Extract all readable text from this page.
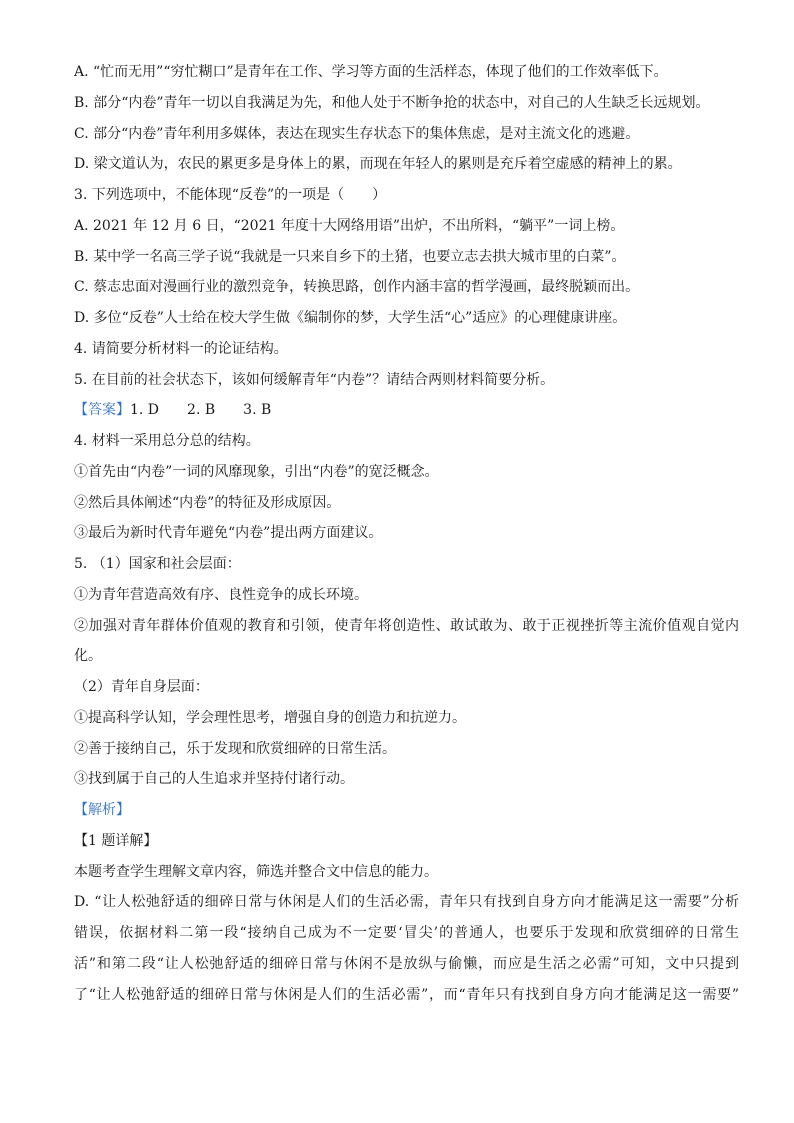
A. “忙而无用”“穷忙糊口”是青年在工作、学习等方面的生活样态，体现了他们的工作效率低下。
B. 部分“内卷”青年一切以自我满足为先，和他人处于不断争抢的状态中，对自己的人生缺乏长远规划。
C. 部分“内卷”青年利用多媒体，表达在现实生存状态下的集体焦虑，是对主流文化的逃避。
D. 梁文道认为，农民的累更多是身体上的累，而现在年轻人的累则是充斥着空虚感的精神上的累。
3. 下列选项中，不能体现“反卷”的一项是（　　）
A. 2021 年 12 月 6 日，“2021 年度十大网络用语”出炉，不出所料，“躺平”一词上榜。
B. 某中学一名高三学子说“我就是一只来自乡下的土猪，也要立志去拱大城市里的白菜”。
C. 蔡志忠面对漫画行业的激烈竞争，转换思路，创作内涵丰富的哲学漫画，最终脱颖而出。
D. 多位“反卷”人士给在校大学生做《编制你的梦，大学生活“心”适应》的心理健康讲座。
4. 请简要分析材料一的论证结构。
5. 在目前的社会状态下，该如何缓解青年“内卷”？请结合两则材料简要分析。
【答案】1. D 2. B 3. B
4. 材料一采用总分总的结构。
①首先由“内卷”一词的风靡现象，引出“内卷”的宽泛概念。
②然后具体阐述“内卷”的特征及形成原因。
③最后为新时代青年避免“内卷”提出两方面建议。
5. （1）国家和社会层面：
①为青年营造高效有序、良性竞争的成长环境。
②加强对青年群体价值观的教育和引领，使青年将创造性、敢试敢为、敢于正视挫折等主流价值观自觉内
化。
（2）青年自身层面：
①提高科学认知，学会理性思考，增强自身的创造力和抗逆力。
②善于接纳自己，乐于发现和欣赏细碎的日常生活。
③找到属于自己的人生追求并坚持付诸行动。
【解析】
【1 题详解】
本题考查学生理解文章内容，筛选并整合文中信息的能力。
D. “让人松弛舒适的细碎日常与休闲是人们的生活必需，青年只有找到自身方向才能满足这一需要”分析
错误，依据材料二第一段“接纳自己成为不一定要‘冒尖’的普通人，也要乐于发现和欣赏细碎的日常生
活”和第二段“让人松弛舒适的细碎日常与休闲不是放纵与偷懒，而应是生活之必需”可知，文中只提到
了“让人松弛舒适的细碎日常与休闲是人们的生活必需”，而“青年只有找到自身方向才能满足这一需要”
